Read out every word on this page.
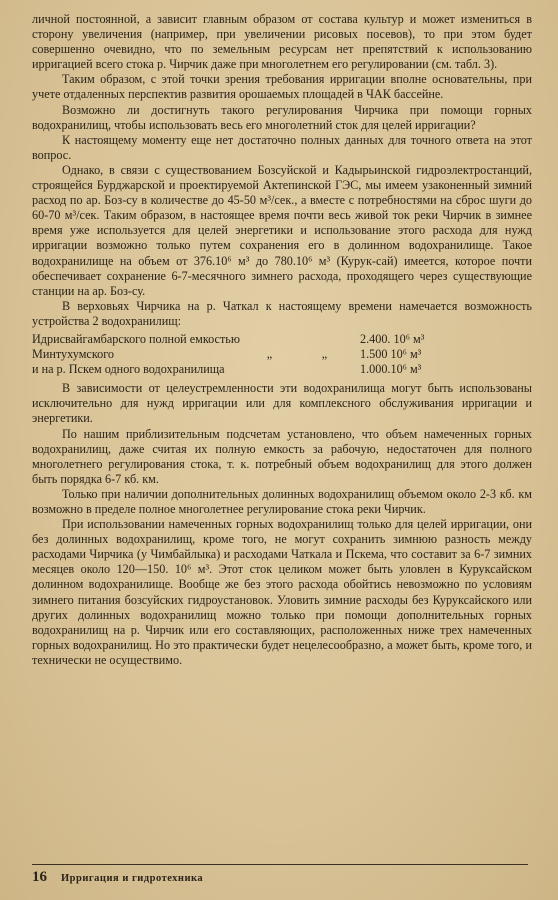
личной постоянной, а зависит главным образом от состава культур и может измениться в сторону увеличения (например, при увеличении рисовых посевов), то при этом будет совершенно очевидно, что по земельным ресурсам нет препятствий к использованию ирригацией всего стока р. Чирчик даже при многолетнем его регулировании (см. табл. 3).

Таким образом, с этой точки зрения требования ирригации вполне основательны, при учете отдаленных перспектив развития орошаемых площадей в ЧАК бассейне.

Возможно ли достигнуть такого регулирования Чирчика при помощи горных водохранилищ, чтобы использовать весь его многолетний сток для целей ирригации?

К настоящему моменту еще нет достаточно полных данных для точного ответа на этот вопрос.

Однако, в связи с существованием Бозсуйской и Кадырьинской гидроэлектростанций, строящейся Бурджарской и проектируемой Актепинской ГЭС, мы имеем узаконенный зимний расход по ар. Боз-су в количестве до 45-50 м³/сек., а вместе с потребностями на сброс шуги до 60-70 м³/сек. Таким образом, в настоящее время почти весь живой ток реки Чирчик в зимнее время уже используется для целей энергетики и использование этого расхода для нужд ирригации возможно только путем сохранения его в долинном водохранилище. Такое водохранилище на объем от 376.10⁶ м³ до 780.10⁶ м³ (Курук-сай) имеется, которое почти обеспечивает сохранение 6-7-месячного зимнего расхода, проходящего через существующие станции на ар. Боз-су.

В верховьях Чирчика на р. Чаткал к настоящему времени намечается возможность устройства 2 водохранилищ:

Идрисвайгамбарского полной емкостью	2.400. 10⁶ м³
Минтухумского	„	„	1.500 10⁶ м³
и на р. Пскем одного водохранилища	1.000.10⁶ м³

В зависимости от целеустремленности эти водохранилища могут быть использованы исключительно для нужд ирригации или для комплексного обслуживания ирригации и энергетики.

По нашим приблизительным подсчетам установлено, что объем намеченных горных водохранилищ, даже считая их полную емкость за рабочую, недостаточен для полного многолетнего регулирования стока, т. к. потребный объем водохранилищ для этого должен быть порядка 6-7 кб. км.

Только при наличии дополнительных долинных водохранилищ объемом около 2-3 кб. км возможно в пределе полное многолетнее регулирование стока реки Чирчик.

При использовании намеченных горных водохранилищ только для целей ирригации, они без долинных водохранилищ, кроме того, не могут сохранить зимнюю разность между расходами Чирчика (у Чимбайлыка) и расходами Чаткала и Пскема, что составит за 6-7 зимних месяцев около 120—150. 10⁶ м³. Этот сток целиком может быть уловлен в Куруксайском долинном водохранилище. Вообще же без этого расхода обойтись невозможно по условиям зимнего питания бозсуйских гидроустановок. Уловить зимние расходы без Куруксайского или других долинных водохранилищ можно только при помощи дополнительных горных водохранилищ на р. Чирчик или его составляющих, расположенных ниже трех намеченных горных водохранилищ. Но это практически будет нецелесообразно, а может быть, кроме того, и технически не осуществимо.

16 Ирригация и гидротехника
